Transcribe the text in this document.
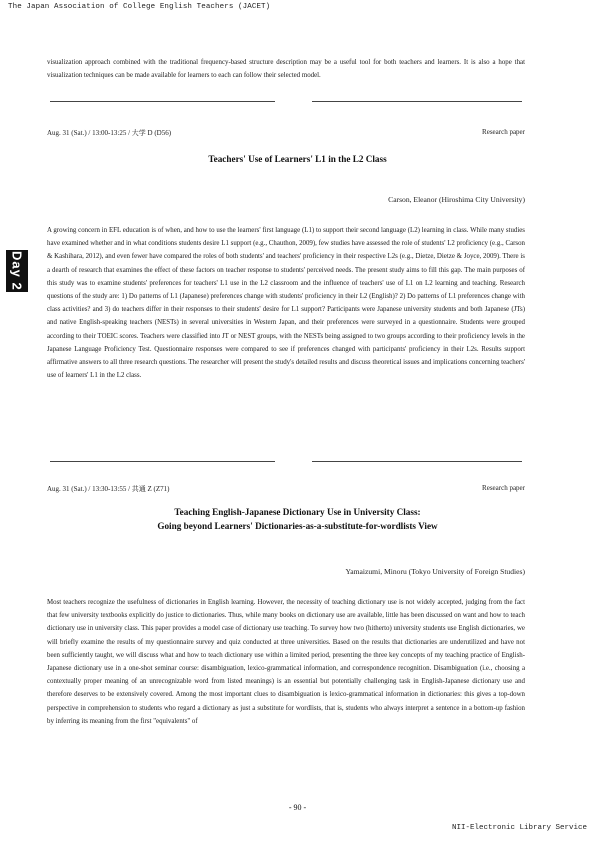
The Japan Association of College English Teachers (JACET)
Day 2
visualization approach combined with the traditional frequency-based structure description may be a useful tool for both teachers and learners. It is also a hope that visualization techniques can be made available for learners to each can follow their selected model.
Aug. 31 (Sat.) / 13:00-13:25 / 大学 D (D56)	Research paper
Teachers' Use of Learners' L1 in the L2 Class
Carson, Eleanor (Hiroshima City University)
A growing concern in EFL education is of when, and how to use the learners' first language (L1) to support their second language (L2) learning in class. While many studies have examined whether and in what conditions students desire L1 support (e.g., Chauthon, 2009), few studies have assessed the role of students' L2 proficiency (e.g., Carson & Kashihara, 2012), and even fewer have compared the roles of both students' and teachers' proficiency in their respective L2s (e.g., Dietze, Dietze & Joyce, 2009). There is a dearth of research that examines the effect of these factors on teacher response to students' perceived needs. The present study aims to fill this gap. The main purposes of this study was to examine students' preferences for teachers' L1 use in the L2 classroom and the influence of teachers' use of L1 on L2 learning and teaching. Research questions of the study are: 1) Do patterns of L1 (Japanese) preferences change with students' proficiency in their L2 (English)? 2) Do patterns of L1 preferences change with class activities? and 3) do teachers differ in their responses to their students' desire for L1 support? Participants were Japanese university students and both Japanese (JTs) and native English-speaking teachers (NESTs) in several universities in Western Japan, and their preferences were surveyed in a questionnaire. Students were grouped according to their TOEIC scores. Teachers were classified into JT or NEST groups, with the NESTs being assigned to two groups according to their proficiency levels in the Japanese Language Proficiency Test. Questionnaire responses were compared to see if preferences changed with participants' proficiency in their L2s. Results support affirmative answers to all three research questions. The researcher will present the study's detailed results and discuss theoretical issues and implications concerning teachers' use of learners' L1 in the L2 class.
Aug. 31 (Sat.) / 13:30-13:55 / 共通 Z (Z71)	Research paper
Teaching English-Japanese Dictionary Use in University Class:
Going beyond Learners' Dictionaries-as-a-substitute-for-wordlists View
Yamaizumi, Minoru (Tokyo University of Foreign Studies)
Most teachers recognize the usefulness of dictionaries in English learning. However, the necessity of teaching dictionary use is not widely accepted, judging from the fact that few university textbooks explicitly do justice to dictionaries. Thus, while many books on dictionary use are available, little has been discussed on want and how to teach dictionary use in university class. This paper provides a model case of dictionary use teaching. To survey how two (hitherto) university students use English dictionaries, we will briefly examine the results of my questionnaire survey and quiz conducted at three universities. Based on the results that dictionaries are underutilized and have not been sufficiently taught, we will discuss what and how to teach dictionary use within a limited period, presenting the three key concepts of my teaching practice of English-Japanese dictionary use in a one-shot seminar course: disambiguation, lexico-grammatical information, and correspondence recognition. Disambiguation (i.e., choosing a contextually proper meaning of an unrecognizable word from listed meanings) is an essential but potentially challenging task in English-Japanese dictionary use and therefore deserves to be extensively covered. Among the most important clues to disambiguation is lexico-grammatical information in dictionaries: this gives a top-down perspective in comprehension to students who regard a dictionary as just a substitute for wordlists, that is, students who always interpret a sentence in a bottom-up fashion by inferring its meaning from the first "equivalents" of
- 90 -
NII-Electronic Library Service
